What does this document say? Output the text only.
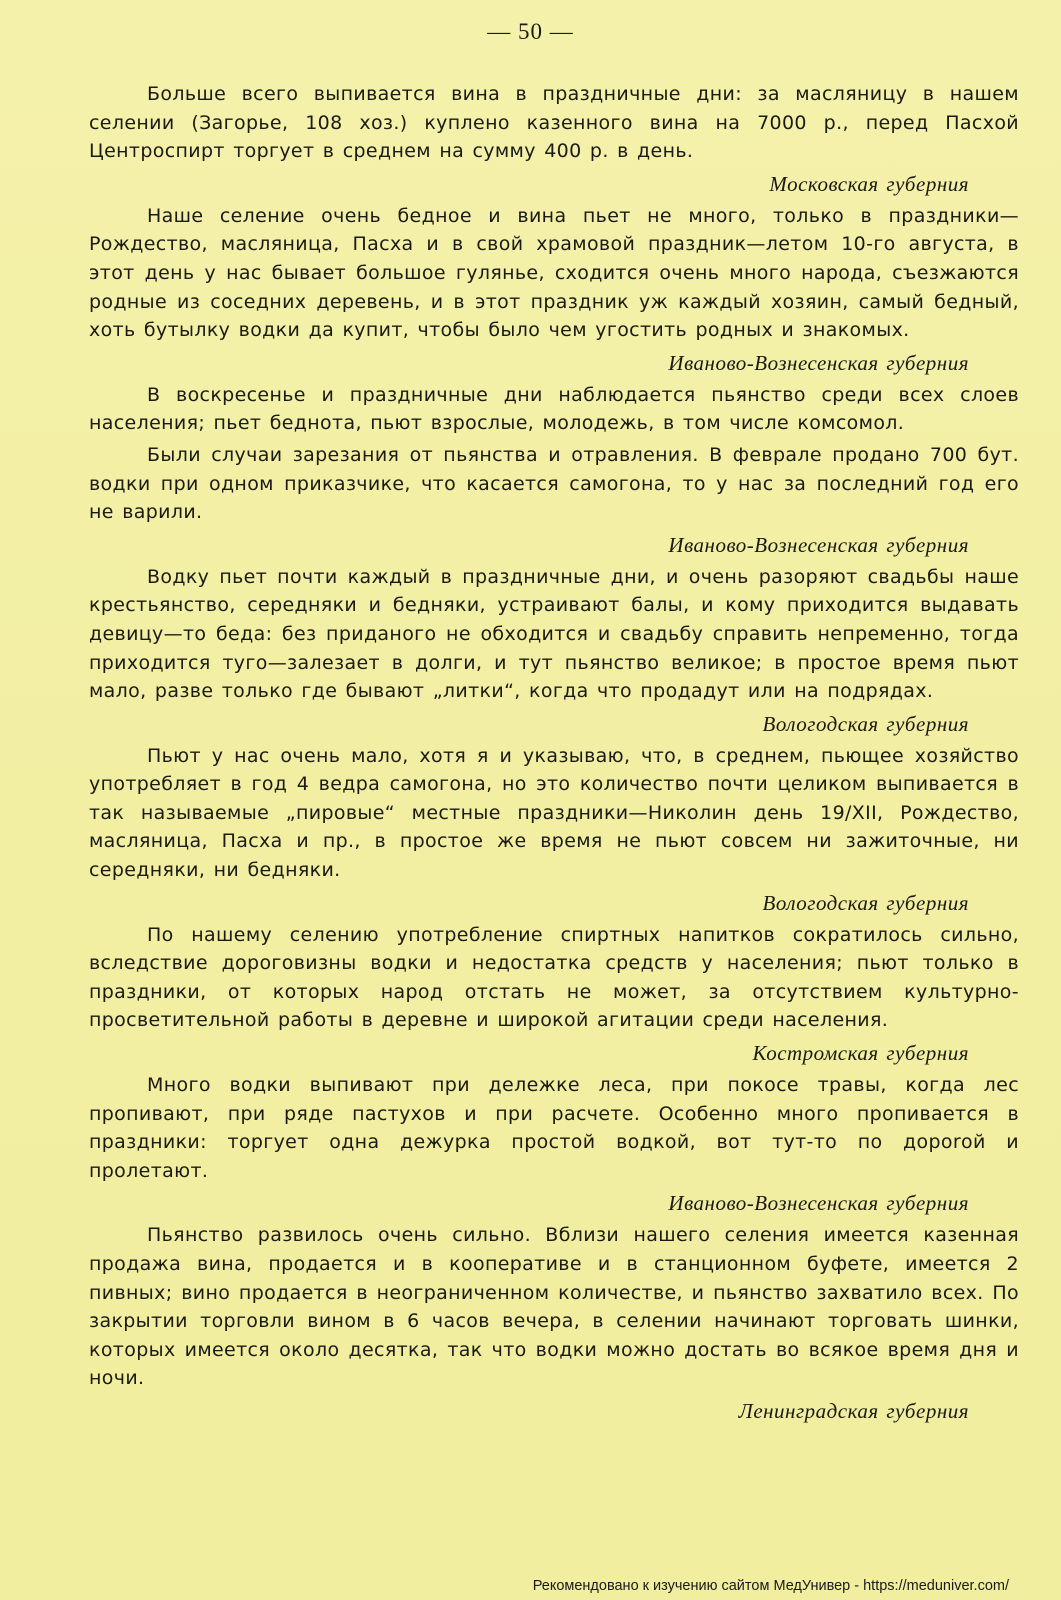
— 50 —

Больше всего выпивается вина в праздничные дни: за масляницу в нашем селении (Загорье, 108 хоз.) куплено казенного вина на 7000 р., перед Пасхой Центроспирт торгует в среднем на сумму 400 р. в день.

Московская губерния

Наше селение очень бедное и вина пьет не много, только в праздники—Рождество, масляница, Пасха и в свой храмовой праздник—летом 10-го августа, в этот день у нас бывает большое гулянье, сходится очень много народа, съезжаются родные из соседних деревень, и в этот праздник уж каждый хозяин, самый бедный, хоть бутылку водки да купит, чтобы было чем угостить родных и знакомых.

Иваново-Вознесенская губерния

В воскресенье и праздничные дни наблюдается пьянство среди всех слоев населения; пьет беднота, пьют взрослые, молодежь, в том числе комсомол.

Были случаи зарезания от пьянства и отравления. В феврале продано 700 бут. водки при одном приказчике, что касается самогона, то у нас за последний год его не варили.

Иваново-Вознесенская губерния

Водку пьет почти каждый в праздничные дни, и очень разоряют свадьбы наше крестьянство, середняки и бедняки, устраивают балы, и кому приходится выдавать девицу—то беда: без приданого не обходится и свадьбу справить непременно, тогда приходится туго—залезает в долги, и тут пьянство великое; в простое время пьют мало, разве только где бывают „литки“, когда что продадут или на подрядах.

Вологодская губерния

Пьют у нас очень мало, хотя я и указываю, что, в среднем, пьющее хозяйство употребляет в год 4 ведра самогона, но это количество почти целиком выпивается в так называемые „пировые“ местные праздники—Николин день 19/XII, Рождество, масляница, Пасха и пр., в простое же время не пьют совсем ни зажиточные, ни середняки, ни бедняки.

Вологодская губерния

По нашему селению употребление спиртных напитков сократилось сильно, вследствие дороговизны водки и недостатка средств у населения; пьют только в праздники, от которых народ отстать не может, за отсутствием культурно-просветительной работы в деревне и широкой агитации среди населения.

Костромская губерния

Много водки выпивают при дележке леса, при покосе травы, когда лес пропивают, при ряде пастухов и при расчете. Особенно много пропивается в праздники: торгует одна дежурка простой водкой, вот тут-то по дороrой и пролетают.

Иваново-Вознесенская губерния

Пьянство развилось очень сильно. Вблизи нашего селения имеется казенная продажа вина, продается и в кооперативе и в станционном буфете, имеется 2 пивных; вино продается в неограниченном количестве, и пьянство захватило всех. По закрытии торговли вином в 6 часов вечера, в селении начинают торговать шинки, которых имеется около десятка, так что водки можно достать во всякое время дня и ночи.

Ленинградская губерния
Рекомендовано к изучению сайтом МедУнивер - https://meduniver.com/
